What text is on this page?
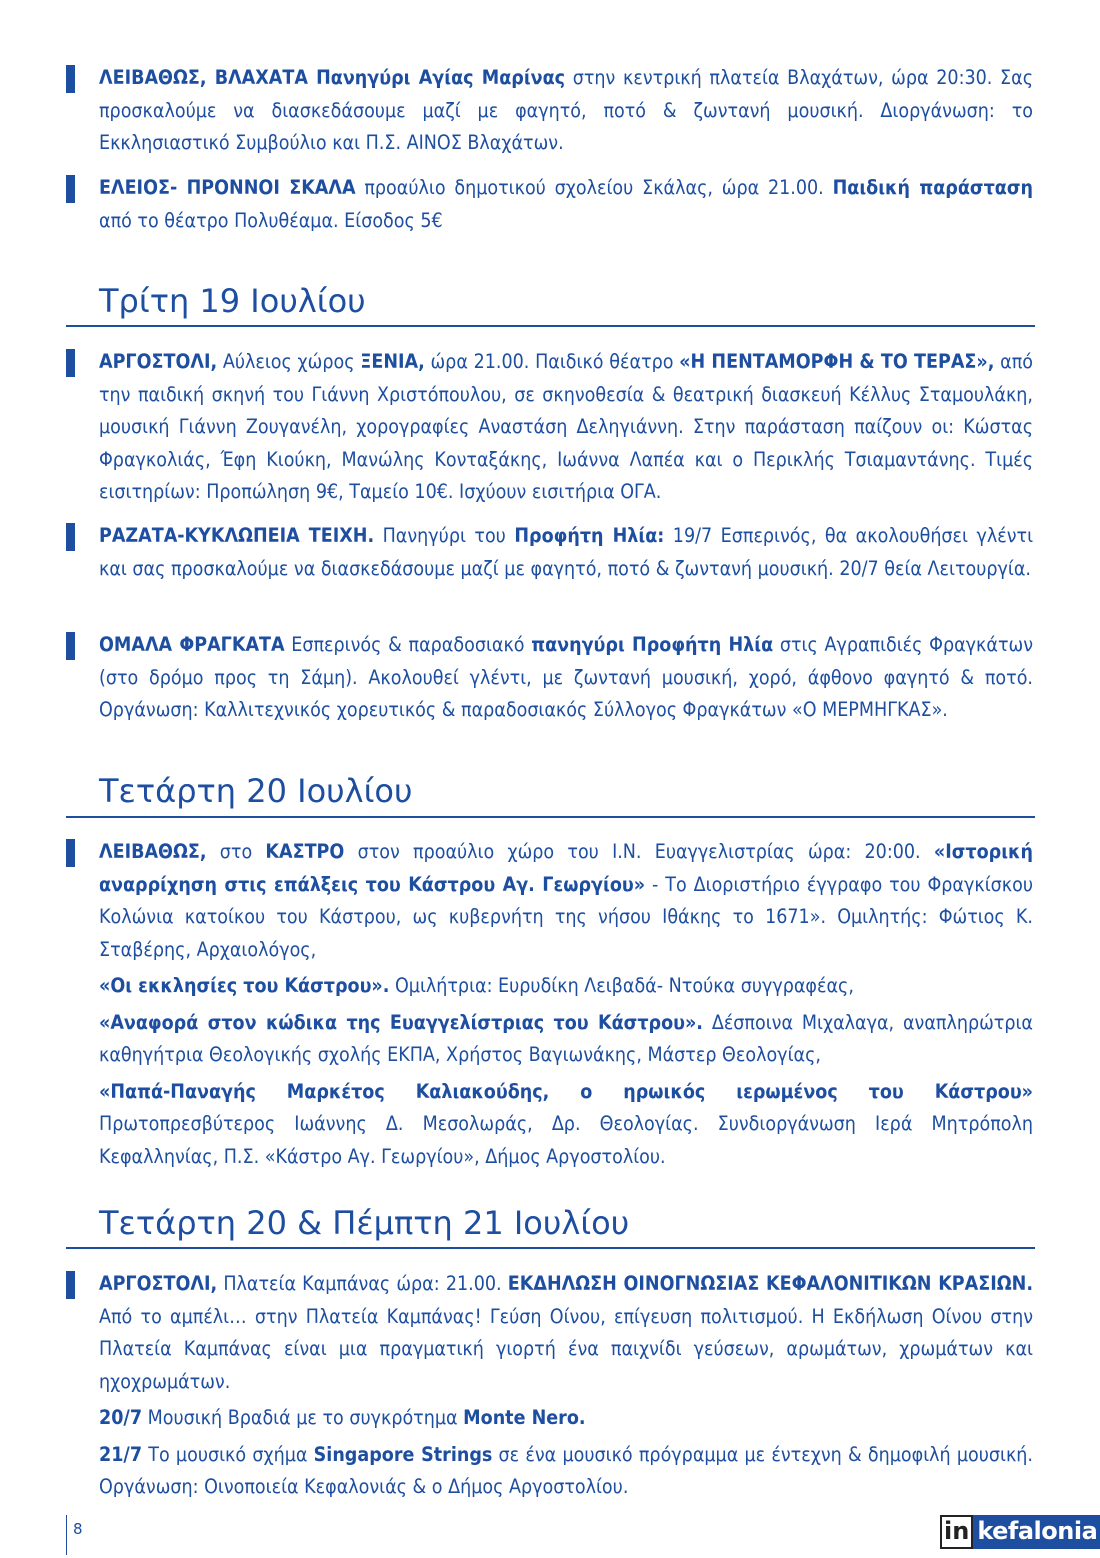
ΛΕΙΒΑΘΩΣ, ΒΛΑΧΑΤΑ Πανηγύρι Αγίας Μαρίνας στην κεντρική πλατεία Βλαχάτων, ώρα 20:30. Σας προσκαλούμε να διασκεδάσουμε μαζί με φαγητό, ποτό & ζωντανή μουσική. Διοργάνωση: το Εκκλησιαστικό Συμβούλιο και Π.Σ. ΑΙΝΟΣ Βλαχάτων.

ΕΛΕΙΟΣ- ΠΡΟΝΝΟΙ ΣΚΑΛΑ προαύλιο δημοτικού σχολείου Σκάλας, ώρα 21.00. Παιδική παράσταση από το θέατρο Πολυθέαμα. Είσοδος 5€

Τρίτη 19 Ιουλίου

ΑΡΓΟΣΤΟΛΙ, Αύλειος χώρος ΞΕΝΙΑ, ώρα 21.00. Παιδικό θέατρο «Η ΠΕΝΤΑΜΟΡΦΗ & ΤΟ ΤΕΡΑΣ», από την παιδική σκηνή του Γιάννη Χριστόπουλου, σε σκηνοθεσία & θεατρική διασκευή Κέλλυς Σταμουλάκη, μουσική Γιάννη Ζουγανέλη, χορογραφίες Αναστάση Δεληγιάννη. Στην παράσταση παίζουν οι: Κώστας Φραγκολιάς, Έφη Κιούκη, Μανώλης Κονταξάκης, Ιωάννα Λαπέα και ο Περικλής Τσιαμαντάνης. Τιμές εισιτηρίων: Προπώληση 9€, Ταμείο 10€. Ισχύουν εισιτήρια ΟΓΑ.

ΡΑΖΑΤΑ-ΚΥΚΛΩΠΕΙΑ ΤΕΙΧΗ. Πανηγύρι του Προφήτη Ηλία: 19/7 Εσπερινός, θα ακολουθήσει γλέντι και σας προσκαλούμε να διασκεδάσουμε μαζί με φαγητό, ποτό & ζωντανή μουσική. 20/7 θεία Λειτουργία.

ΟΜΑΛΑ ΦΡΑΓΚΑΤΑ Εσπερινός & παραδοσιακό πανηγύρι Προφήτη Ηλία στις Αγραπιδιές Φραγκάτων (στο δρόμο προς τη Σάμη). Ακολουθεί γλέντι, με ζωντανή μουσική, χορό, άφθονο φαγητό & ποτό. Οργάνωση: Καλλιτεχνικός χορευτικός & παραδοσιακός Σύλλογος Φραγκάτων «Ο ΜΕΡΜΗΓΚΑΣ».

Τετάρτη 20 Ιουλίου

ΛΕΙΒΑΘΩΣ, στο ΚΑΣΤΡΟ στον προαύλιο χώρο του Ι.Ν. Ευαγγελιστρίας ώρα: 20:00. «Ιστορική αναρρίχηση στις επάλξεις του Κάστρου Αγ. Γεωργίου» - Το Διοριστήριο έγγραφο του Φραγκίσκου Κολώνια κατοίκου του Κάστρου, ως κυβερνήτη της νήσου Ιθάκης το 1671». Ομιλητής: Φώτιος Κ. Σταβέρης, Αρχαιολόγος,

«Οι εκκλησίες του Κάστρου». Ομιλήτρια: Ευρυδίκη Λειβαδά- Ντούκα συγγραφέας,

«Αναφορά στον κώδικα της Ευαγγελίστριας του Κάστρου». Δέσποινα Μιχαλαγα, αναπληρώτρια καθηγήτρια Θεολογικής σχολής ΕΚΠΑ, Χρήστος Βαγιωνάκης, Μάστερ Θεολογίας,

«Παπά-Παναγής Μαρκέτος Καλιακούδης, ο ηρωικός ιερωμένος του Κάστρου» Πρωτοπρεσβύτερος Ιωάννης Δ. Μεσολωράς, Δρ. Θεολογίας. Συνδιοργάνωση Ιερά Μητρόπολη Κεφαλληνίας, Π.Σ. «Κάστρο Αγ. Γεωργίου», Δήμος Αργοστολίου.

Τετάρτη 20 & Πέμπτη 21 Ιουλίου

ΑΡΓΟΣΤΟΛΙ, Πλατεία Καμπάνας ώρα: 21.00. ΕΚΔΗΛΩΣΗ ΟΙΝΟΓΝΩΣΙΑΣ ΚΕΦΑΛΟΝΙΤΙΚΩΝ ΚΡΑΣΙΩΝ. Από το αμπέλι… στην Πλατεία Καμπάνας! Γεύση Οίνου, επίγευση πολιτισμού. Η Εκδήλωση Οίνου στην Πλατεία Καμπάνας είναι μια πραγματική γιορτή ένα παιχνίδι γεύσεων, αρωμάτων, χρωμάτων και ηχοχρωμάτων.

20/7 Μουσική Βραδιά με το συγκρότημα Monte Nero.

21/7 Το μουσικό σχήμα Singapore Strings σε ένα μουσικό πρόγραμμα με έντεχνη & δημοφιλή μουσική. Οργάνωση: Οινοποιεία Κεφαλονιάς & ο Δήμος Αργοστολίου.

8	in kefalonia
